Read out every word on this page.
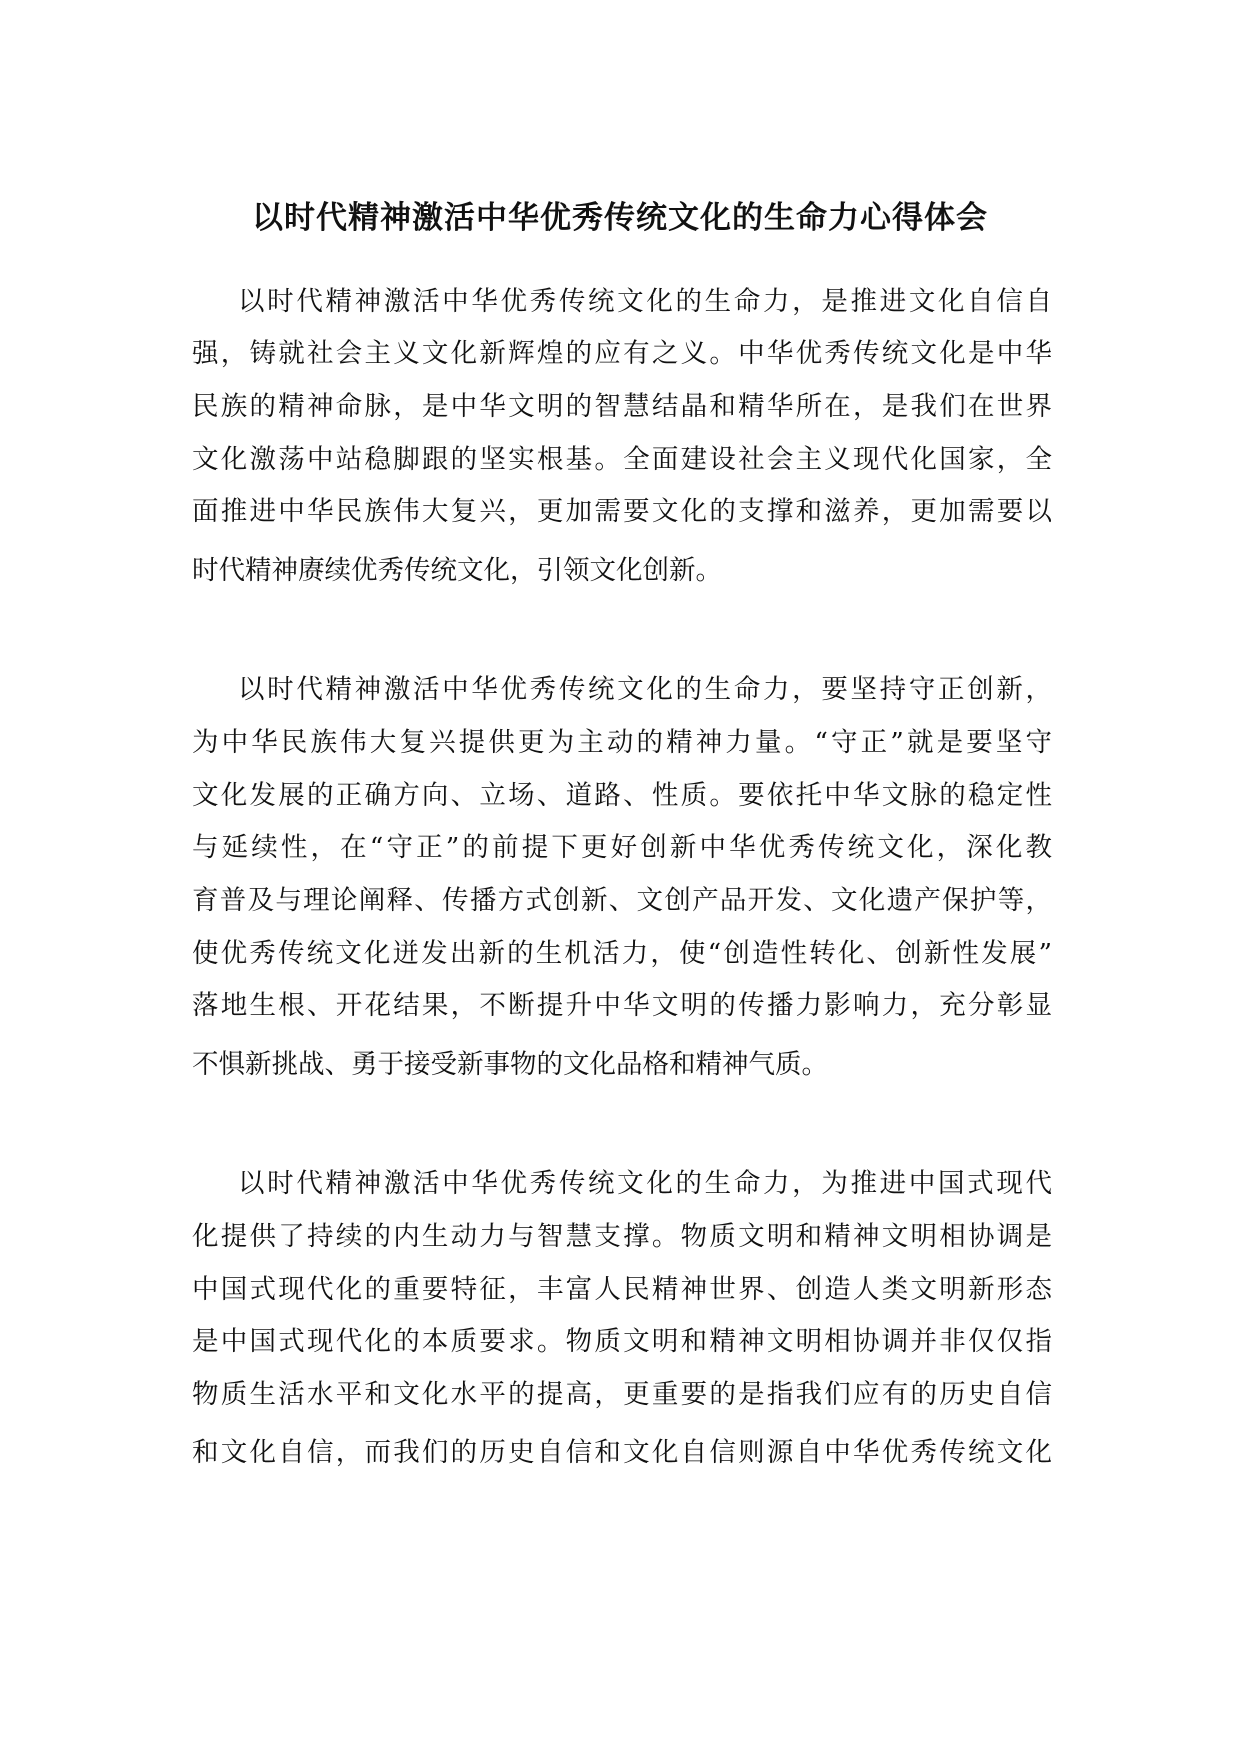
以时代精神激活中华优秀传统文化的生命力心得体会

以时代精神激活中华优秀传统文化的生命力，是推进文化自信自

强，铸就社会主义文化新辉煌的应有之义。中华优秀传统文化是中华

民族的精神命脉，是中华文明的智慧结晶和精华所在，是我们在世界

文化激荡中站稳脚跟的坚实根基。全面建设社会主义现代化国家，全

面推进中华民族伟大复兴，更加需要文化的支撑和滋养，更加需要以

时代精神赓续优秀传统文化，引领文化创新。

以时代精神激活中华优秀传统文化的生命力，要坚持守正创新，

为中华民族伟大复兴提供更为主动的精神力量。“守正”就是要坚守

文化发展的正确方向、立场、道路、性质。要依托中华文脉的稳定性

与延续性，在“守正”的前提下更好创新中华优秀传统文化，深化教

育普及与理论阐释、传播方式创新、文创产品开发、文化遗产保护等，

使优秀传统文化迸发出新的生机活力，使“创造性转化、创新性发展”

落地生根、开花结果，不断提升中华文明的传播力影响力，充分彰显

不惧新挑战、勇于接受新事物的文化品格和精神气质。

以时代精神激活中华优秀传统文化的生命力，为推进中国式现代

化提供了持续的内生动力与智慧支撑。物质文明和精神文明相协调是

中国式现代化的重要特征，丰富人民精神世界、创造人类文明新形态

是中国式现代化的本质要求。物质文明和精神文明相协调并非仅仅指

物质生活水平和文化水平的提高，更重要的是指我们应有的历史自信

和文化自信，而我们的历史自信和文化自信则源自中华优秀传统文化
